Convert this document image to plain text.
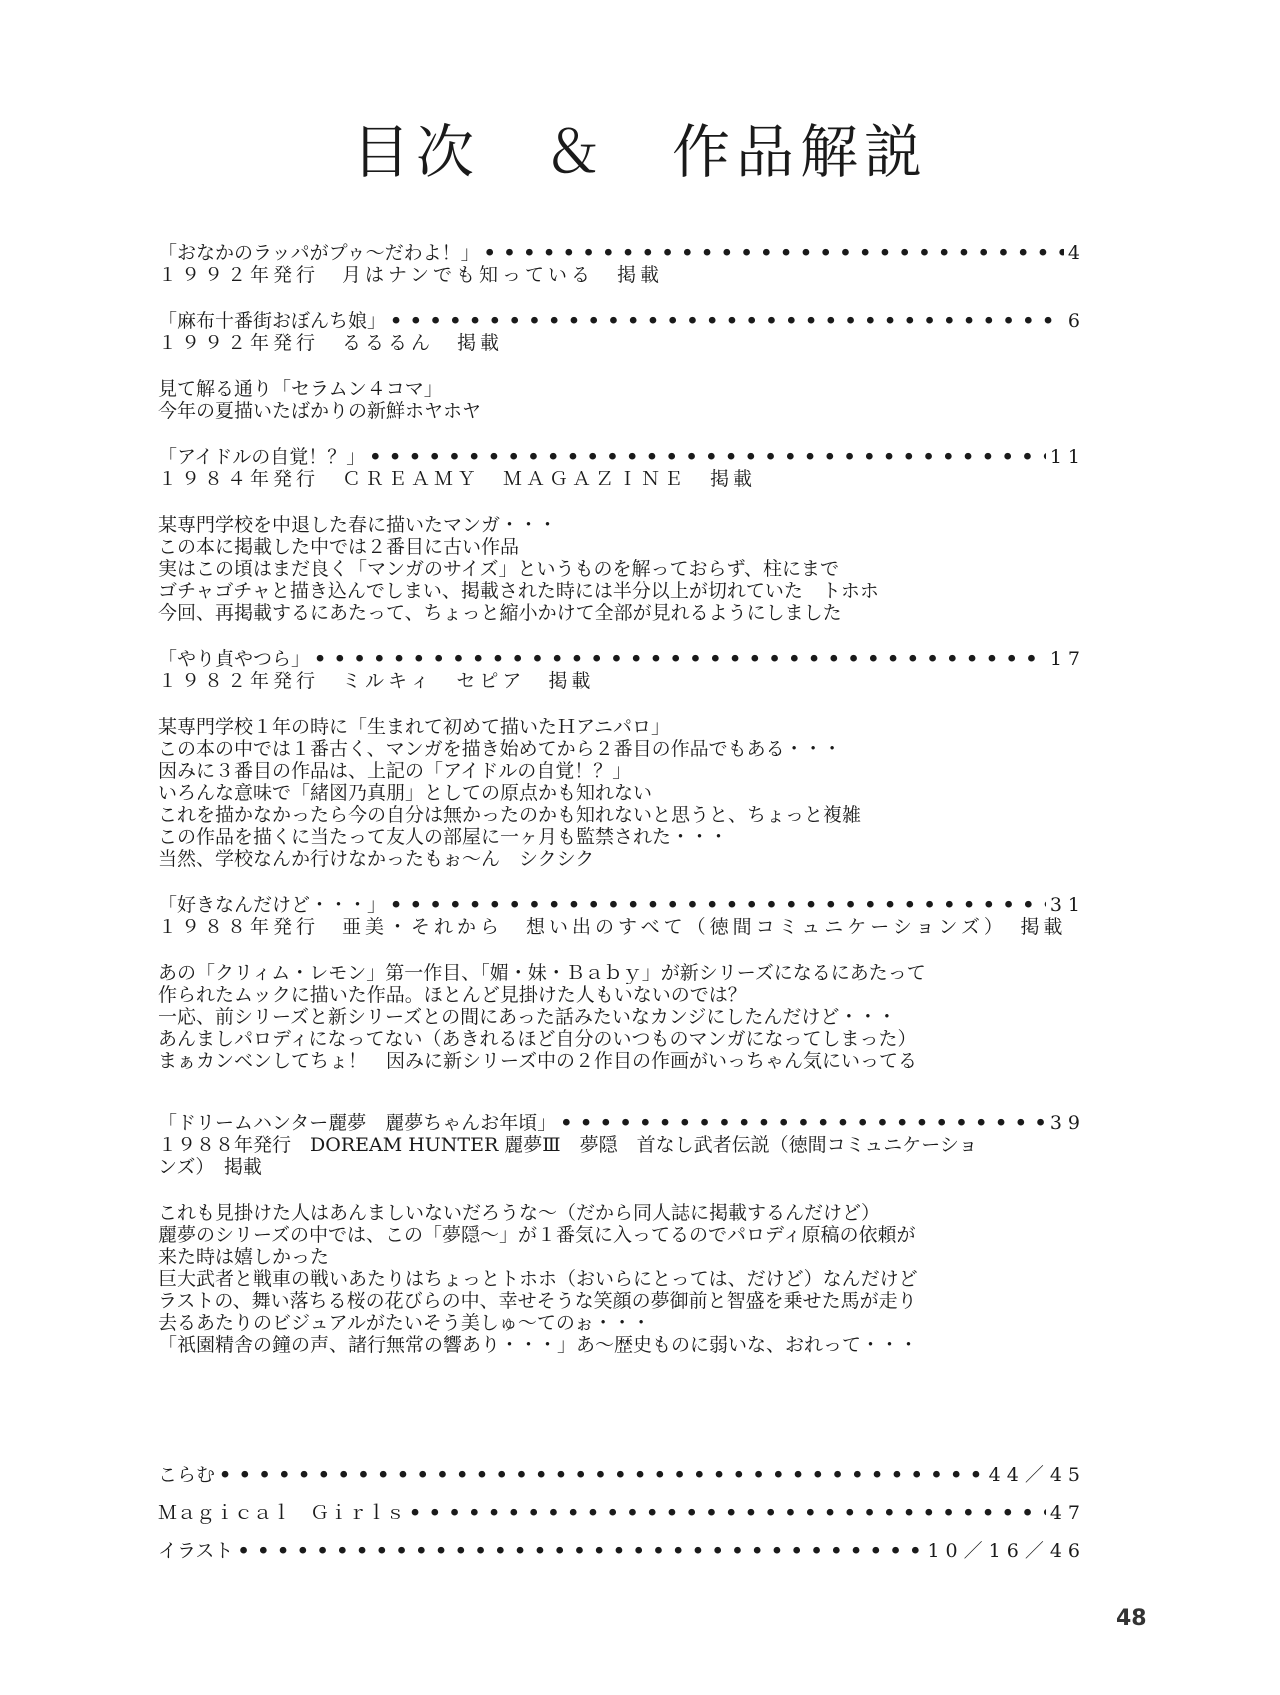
目次　＆　作品解説
「おなかのラッパがプゥ～だわよ！」 • • •	4
１９９２年発行　月はナンでも知っている　掲載
「麻布十番街おぼんち娘」 • • •	6
１９９２年発行　るるるん　掲載
見て解る通り「セラムン４コマ」
今年の夏描いたばかりの新鮮ホヤホヤ
「アイドルの自覚！？」 • • •	11
１９８４年発行　ＣＲＥＡＭＹ　ＭＡＧＡＺＩＮＥ　掲載
某専門学校を中退した春に描いたマンガ・・・
この本に掲載した中では２番目に古い作品
実はこの頃はまだ良く「マンガのサイズ」というものを解っておらず、柱にまで
ゴチャゴチャと描き込んでしまい、掲載された時には半分以上が切れていた　トホホ
今回、再掲載するにあたって、ちょっと縮小かけて全部が見れるようにしました
「やり貞やつら」 • • •	17
１９８２年発行　ミルキィ　セピア　掲載
某専門学校１年の時に「生まれて初めて描いたＨアニパロ」
この本の中では１番古く、マンガを描き始めてから２番目の作品でもある・・・
因みに３番目の作品は、上記の「アイドルの自覚！？」
いろんな意味で「緒図乃真朋」としての原点かも知れない
これを描かなかったら今の自分は無かったのかも知れないと思うと、ちょっと複雑
この作品を描くに当たって友人の部屋に一ヶ月も監禁された・・・
当然、学校なんか行けなかったもぉ～ん　シクシク
「好きなんだけど・・・」 • • •	31
１９８８年発行　亜美・それから　想い出のすべて（徳間コミュニケーションズ）　掲載
あの「クリィム・レモン」第一作目、「媚・妹・Ｂａｂｙ」が新シリーズになるにあたって
作られたムックに描いた作品。ほとんど見掛けた人もいないのでは？
一応、前シリーズと新シリーズとの間にあった話みたいなカンジにしたんだけど・・・
あんましパロディになってない（あきれるほど自分のいつものマンガになってしまった）
まぁカンベンしてちょ！　因みに新シリーズ中の２作目の作画がいっちゃん気にいってる
「ドリームハンター麗夢　麗夢ちゃんお年頃」 • • •	39
１９８８年発行　DOREAM HUNTER 麗夢Ⅲ　夢隠　首なし武者伝説（徳間コミュニケーショ
ンズ）　掲載
これも見掛けた人はあんましいないだろうな～（だから同人誌に掲載するんだけど）
麗夢のシリーズの中では、この「夢隠～」が１番気に入ってるのでパロディ原稿の依頼が
来た時は嬉しかった
巨大武者と戦車の戦いあたりはちょっとトホホ（おいらにとっては、だけど）なんだけど
ラストの、舞い落ちる桜の花びらの中、幸せそうな笑顔の夢御前と智盛を乗せた馬が走り
去るあたりのビジュアルがたいそう美しゅ～てのぉ・・・
「祇園精舎の鐘の声、諸行無常の響あり・・・」あ～歴史ものに弱いな、おれって・・・
こらむ • • •	44／45
Ｍａｇｉｃａｌ　Ｇｉｒｌｓ • • •	47
イラスト • • •	10／16／46
48
